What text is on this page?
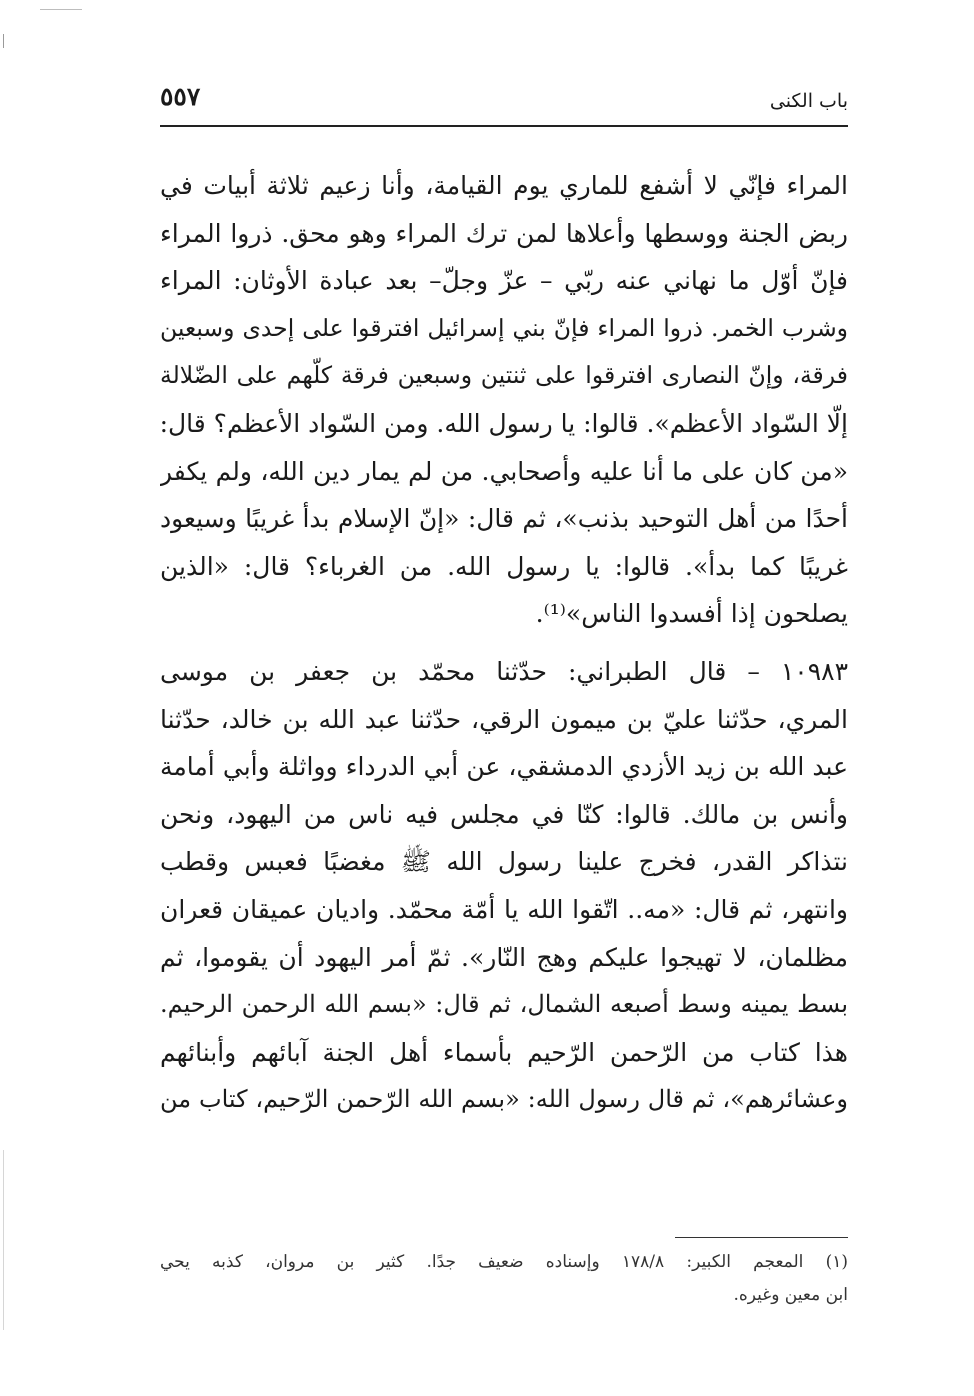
باب الكنى
٥٥٧
المراء فإنّي لا أشفع للماري يوم القيامة، وأنا زعيم ثلاثة أبيات في
ربض الجنة ووسطها وأعلاها لمن ترك المراء وهو محق. ذروا المراء
فإنّ أوّل ما نهاني عنه ربّي – عزّ وجلّ– بعد عبادة الأوثان: المراء
وشرب الخمر. ذروا المراء فإنّ بني إسرائيل افترقوا على إحدى وسبعين
فرقة، وإنّ النصارى افترقوا على ثنتين وسبعين فرقة كلّهم على الضّلالة
إلّا السّواد الأعظم». قالوا: يا رسول الله. ومن السّواد الأعظم؟ قال:
«من كان على ما أنا عليه وأصحابي. من لم يمار دين الله، ولم يكفر
أحدًا من أهل التوحيد بذنب»، ثم قال: «إنّ الإسلام بدأ غريبًا وسيعود
غريبًا كما بدأ». قالوا: يا رسول الله. من الغرباء؟ قال: «الذين
يصلحون إذا أفسدوا الناس»⁽¹⁾.
١٠٩٨٣ – قال الطبراني: حدّثنا محمّد بن جعفر بن موسى
المري، حدّثنا عليّ بن ميمون الرقي، حدّثنا عبد الله بن خالد، حدّثنا
عبد الله بن زيد الأزدي الدمشقي، عن أبي الدرداء وواثلة وأبي أمامة
وأنس بن مالك. قالوا: كنّا في مجلس فيه ناس من اليهود، ونحن
نتذاكر القدر، فخرج علينا رسول الله ﷺ مغضبًا فعبس وقطب
وانتهر، ثم قال: «مه.. اتّقوا الله يا أمّة محمّد. واديان عميقان قعران
مظلمان، لا تهيجوا عليكم وهج النّار». ثمّ أمر اليهود أن يقوموا، ثم
بسط يمينه وسط أصبعه الشمال، ثم قال: «بسم الله الرحمن الرحيم.
هذا كتاب من الرّحمن الرّحيم بأسماء أهل الجنة آبائهم وأبنائهم
وعشائرهم»، ثم قال رسول الله: «بسم الله الرّحمن الرّحيم، كتاب من
(١) المعجم الكبير: ١٧٨/٨ وإسناده ضعيف جدًا. كثير بن مروان، كذبه يحي
ابن معين وغيره.
